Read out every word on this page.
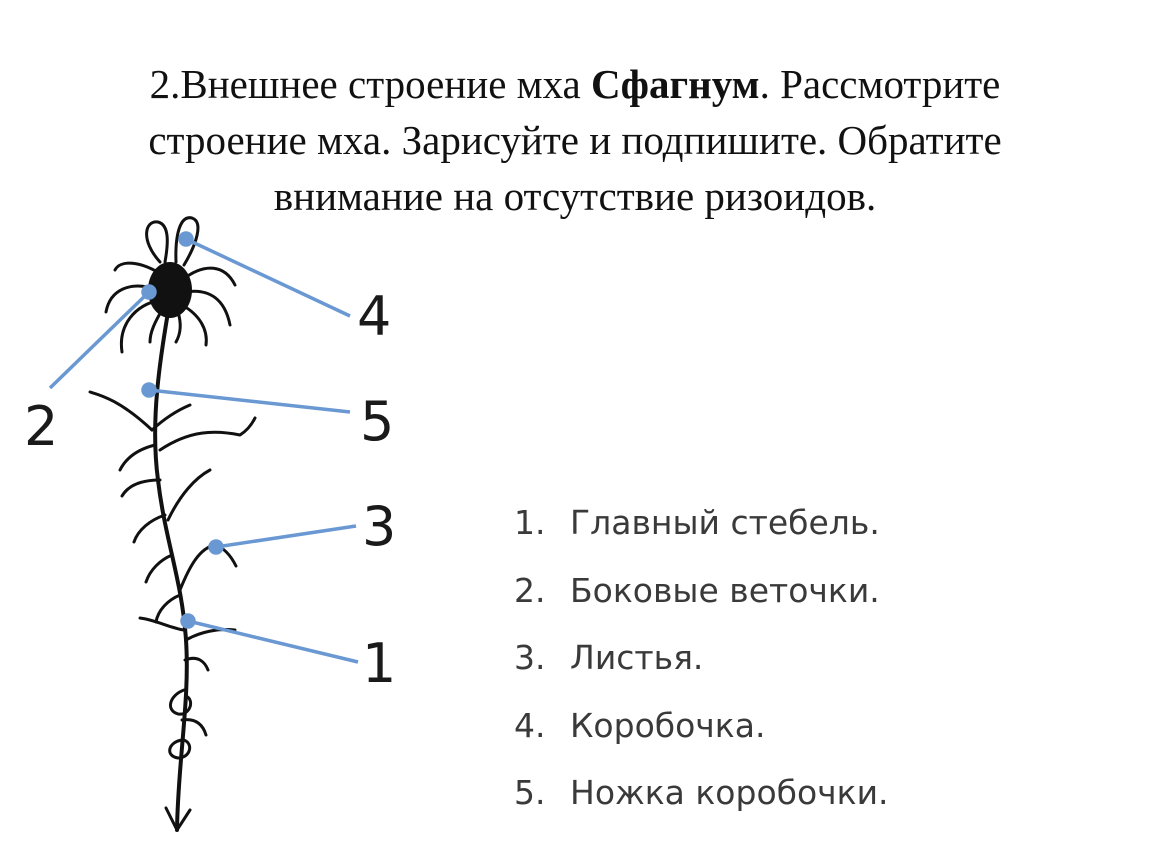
2.Внешнее строение мха Сфагнум. Рассмотрите
строение мха. Зарисуйте и подпишите. Обратите
внимание на отсутствие ризоидов.
4
2	5
3
1
1. Главный стебель.
2. Боковые веточки.
3. Листья.
4. Коробочка.
5. Ножка коробочки.
